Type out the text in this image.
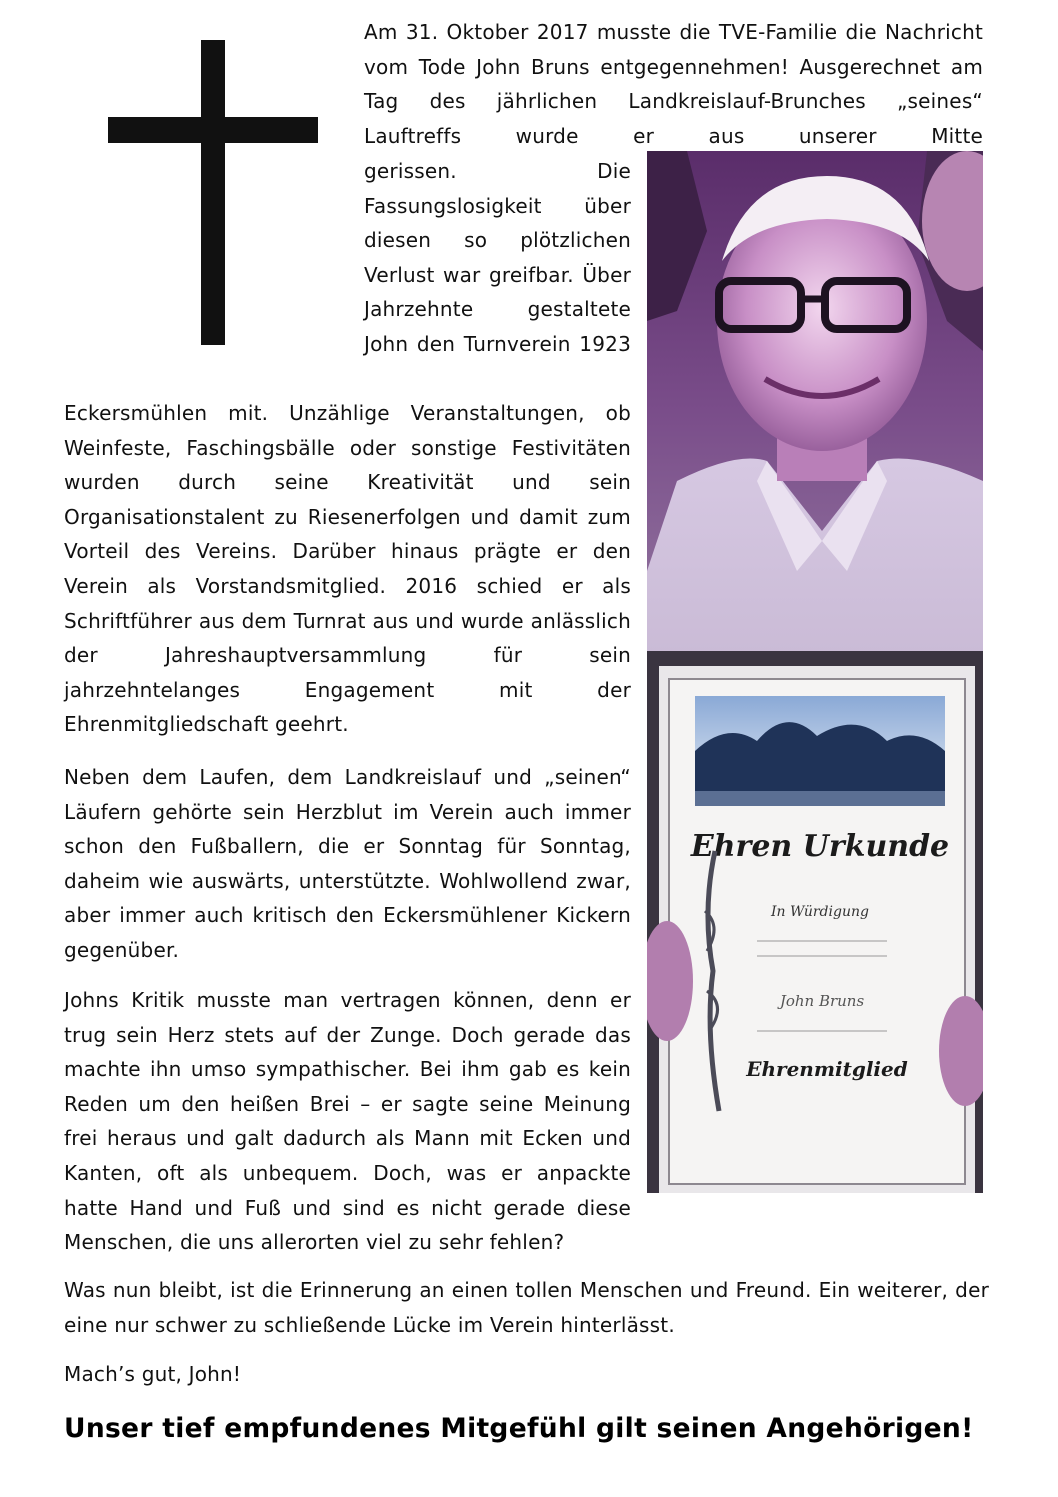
Am 31. Oktober 2017 musste die TVE-Familie die Nachricht vom Tode John Bruns entgegennehmen! Ausgerechnet am Tag des jährlichen Landkreislauf-Brunches „seines“ Lauftreffs wurde er aus unserer Mitte

gerissen. Die Fassungslosigkeit über diesen so plötzlichen Verlust war greifbar. Über Jahrzehnte gestaltete John den Turnverein 1923

Eckersmühlen mit. Unzählige Veranstaltungen, ob Weinfeste, Faschingsbälle oder sonstige Festivitäten wurden durch seine Kreativität und sein Organisationstalent zu Riesenerfolgen und damit zum Vorteil des Vereins. Darüber hinaus prägte er den Verein als Vorstandsmitglied. 2016 schied er als Schriftführer aus dem Turnrat aus und wurde anlässlich der Jahreshauptversammlung für sein jahrzehntelanges Engagement mit der Ehrenmitgliedschaft geehrt.

Neben dem Laufen, dem Landkreislauf und „seinen“ Läufern gehörte sein Herzblut im Verein auch immer schon den Fußballern, die er Sonntag für Sonntag, daheim wie auswärts, unterstützte. Wohlwollend zwar, aber immer auch kritisch den Eckersmühlener Kickern gegenüber.

Johns Kritik musste man vertragen können, denn er trug sein Herz stets auf der Zunge. Doch gerade das machte ihn umso sympathischer. Bei ihm gab es kein Reden um den heißen Brei – er sagte seine Meinung frei heraus und galt dadurch als Mann mit Ecken und Kanten, oft als unbequem. Doch, was er anpackte hatte Hand und Fuß und sind es nicht gerade diese Menschen, die uns allerorten viel zu sehr fehlen?

Was nun bleibt, ist die Erinnerung an einen tollen Menschen und Freund. Ein weiterer, der eine nur schwer zu schließende Lücke im Verein hinterlässt.

Mach’s gut, John!

Unser tief empfundenes Mitgefühl gilt seinen Angehörigen!
Ehren Urkunde
In Würdigung
John Bruns
Ehrenmitglied
